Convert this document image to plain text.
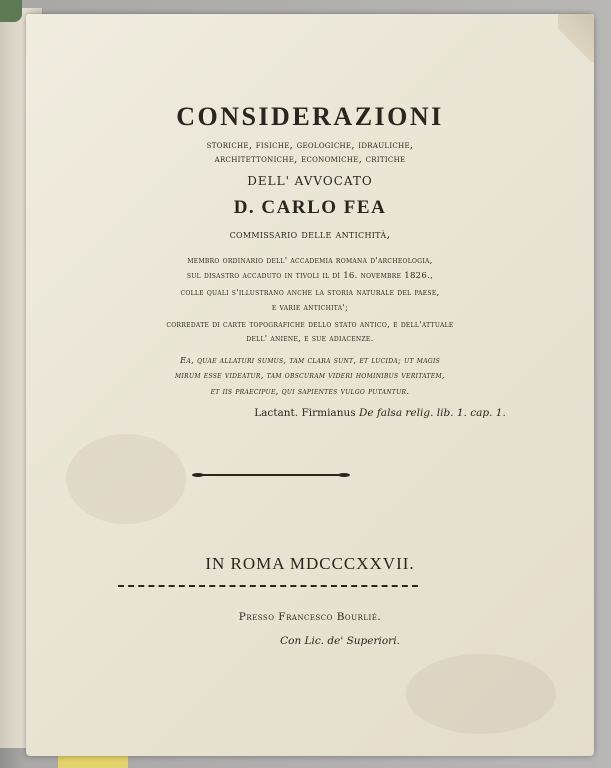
CONSIDERAZIONI
storiche, fisiche, geologiche, idrauliche,
architettoniche, economiche, critiche
DELL' AVVOCATO
D. CARLO FEA
commissario delle antichità,
membro ordinario dell' accademia romana d'archeologia,
sul disastro accaduto in tivoli il dì 16. novembre 1826.,
colle quali s'illustrano anche la storia naturale del paese,
e varie antichita';
corredate di carte topografiche dello stato antico, e dell'attuale
dell' aniene, e sue adiacenze.
Ea, quae allaturi sumus, tam clara sunt, et lucida; ut magis
mirum esse videatur, tam obscuram videri hominibus veritatem,
et iis praecipue, qui sapientes vulgo putantur.
Lactant. Firmianus De falsa relig. lib. 1. cap. 1.
IN ROMA MDCCCXXVII.
Presso Francesco Bourlié.
Con Lic. de' Superiori.
